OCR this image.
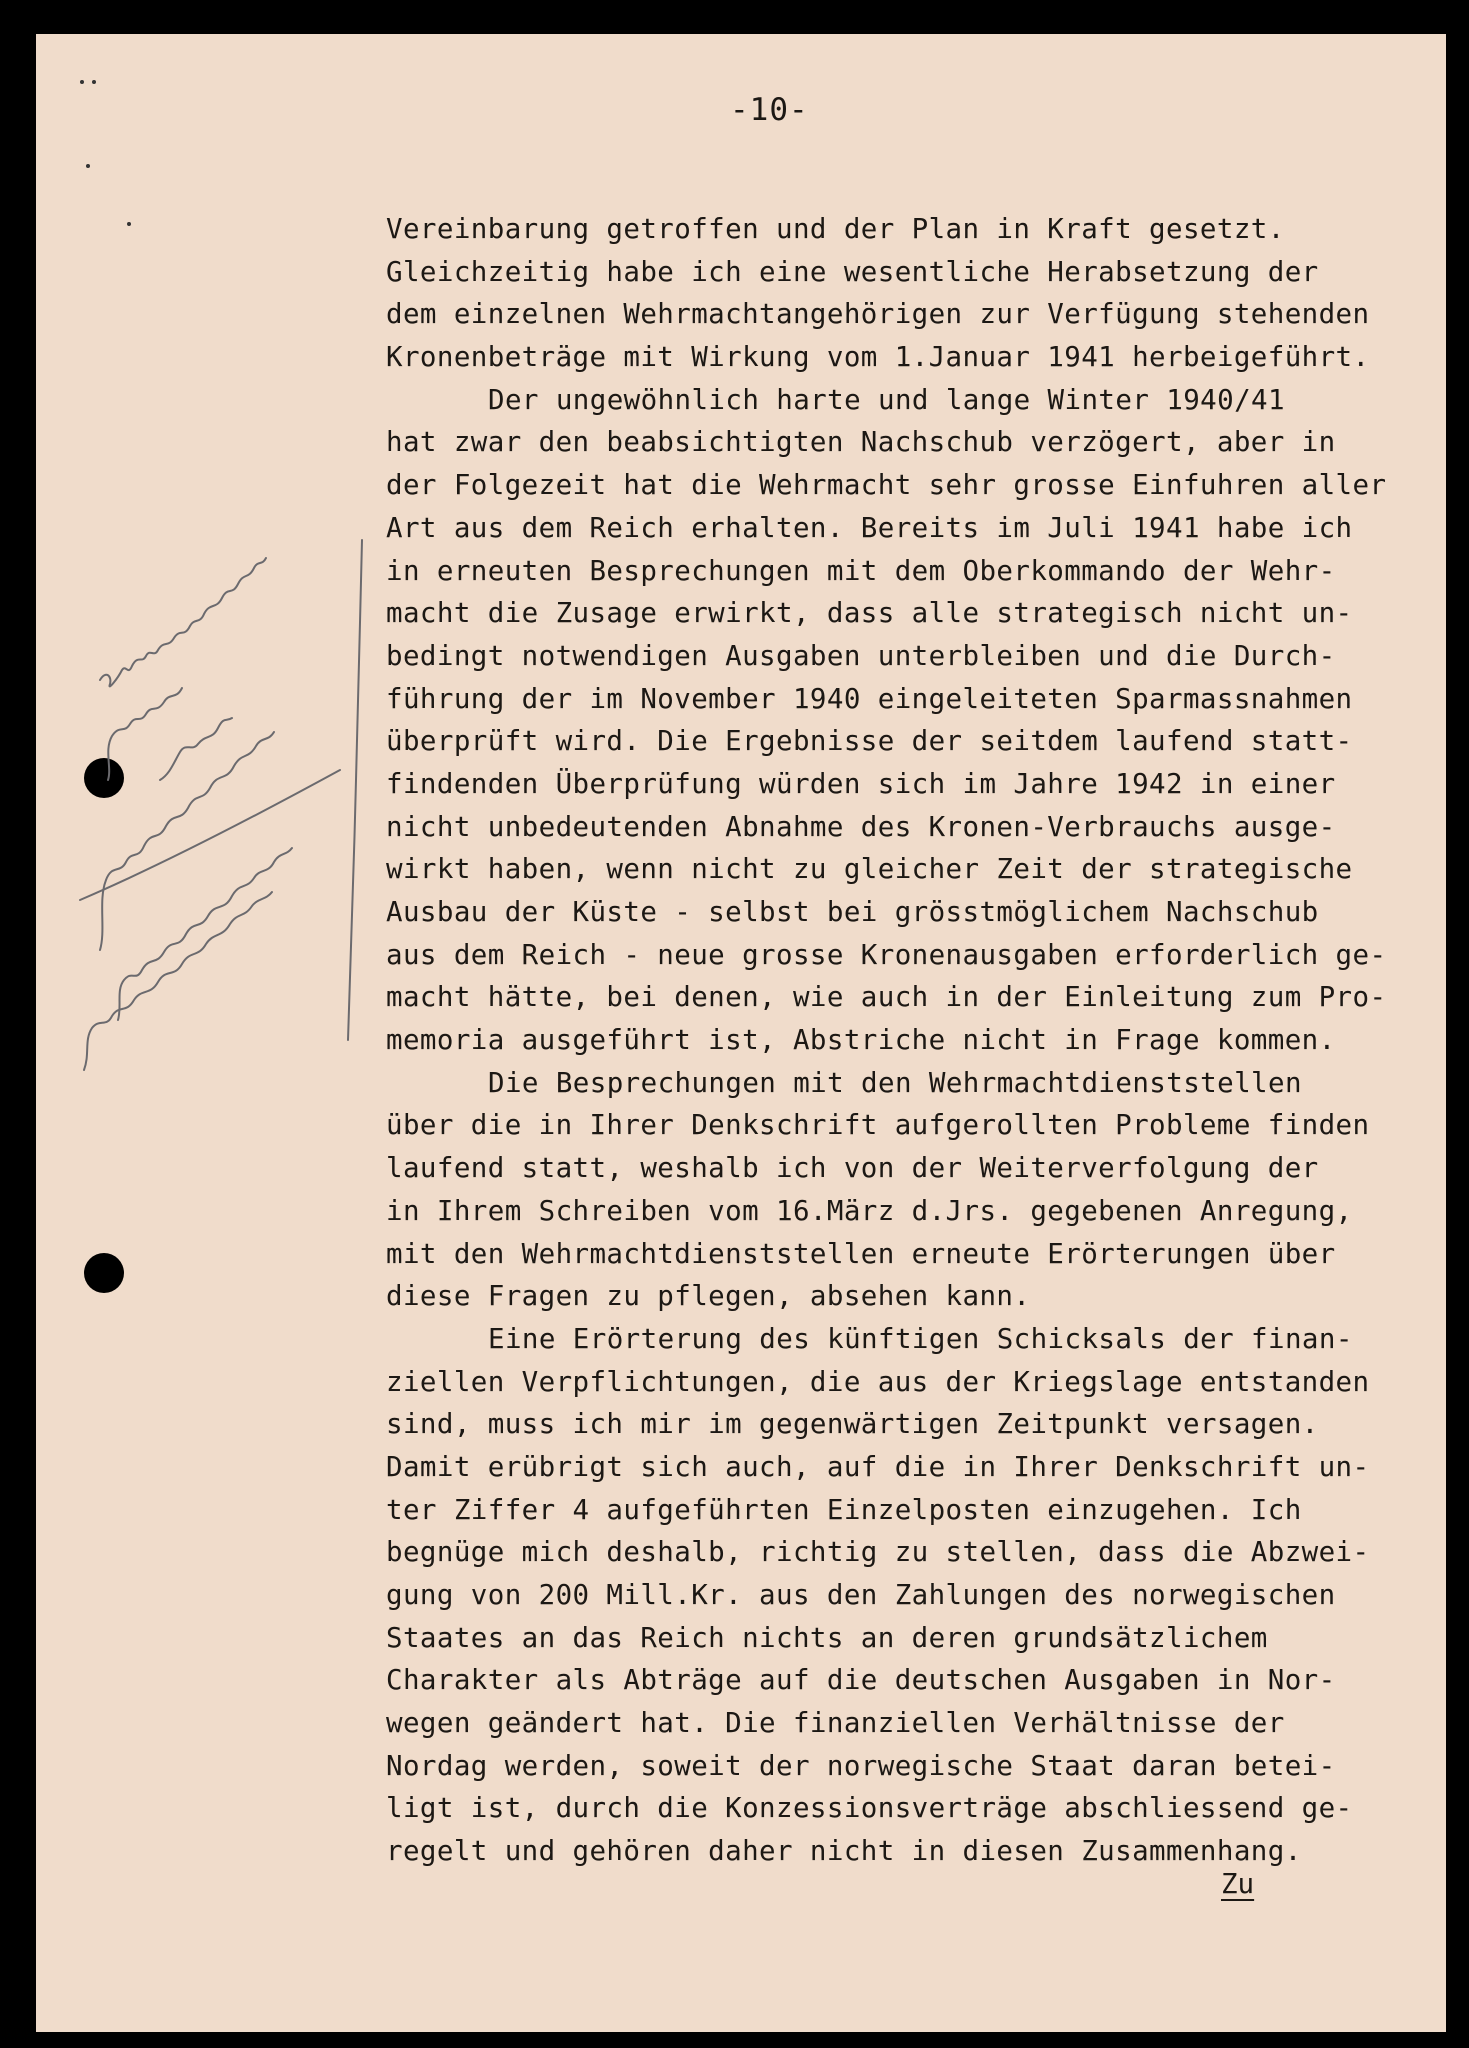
-10-
Vereinbarung getroffen und der Plan in Kraft gesetzt.
Gleichzeitig habe ich eine wesentliche Herabsetzung der
dem einzelnen Wehrmachtangehörigen zur Verfügung stehenden
Kronenbeträge mit Wirkung vom 1.Januar 1941 herbeigeführt.
Der ungewöhnlich harte und lange Winter 1940/41
hat zwar den beabsichtigten Nachschub verzögert, aber in
der Folgezeit hat die Wehrmacht sehr grosse Einfuhren aller
Art aus dem Reich erhalten. Bereits im Juli 1941 habe ich
in erneuten Besprechungen mit dem Oberkommando der Wehr-
macht die Zusage erwirkt, dass alle strategisch nicht un-
bedingt notwendigen Ausgaben unterbleiben und die Durch-
führung der im November 1940 eingeleiteten Sparmassnahmen
überprüft wird. Die Ergebnisse der seitdem laufend statt-
findenden Überprüfung würden sich im Jahre 1942 in einer
nicht unbedeutenden Abnahme des Kronen-Verbrauchs ausge-
wirkt haben, wenn nicht zu gleicher Zeit der strategische
Ausbau der Küste - selbst bei grösstmöglichem Nachschub
aus dem Reich - neue grosse Kronenausgaben erforderlich ge-
macht hätte, bei denen, wie auch in der Einleitung zum Pro-
memoria ausgeführt ist, Abstriche nicht in Frage kommen.
Die Besprechungen mit den Wehrmachtdienststellen
über die in Ihrer Denkschrift aufgerollten Probleme finden
laufend statt, weshalb ich von der Weiterverfolgung der
in Ihrem Schreiben vom 16.März d.Jrs. gegebenen Anregung,
mit den Wehrmachtdienststellen erneute Erörterungen über
diese Fragen zu pflegen, absehen kann.
Eine Erörterung des künftigen Schicksals der finan-
ziellen Verpflichtungen, die aus der Kriegslage entstanden
sind, muss ich mir im gegenwärtigen Zeitpunkt versagen.
Damit erübrigt sich auch, auf die in Ihrer Denkschrift un-
ter Ziffer 4 aufgeführten Einzelposten einzugehen. Ich
begnüge mich deshalb, richtig zu stellen, dass die Abzwei-
gung von 200 Mill.Kr. aus den Zahlungen des norwegischen
Staates an das Reich nichts an deren grundsätzlichem
Charakter als Abträge auf die deutschen Ausgaben in Nor-
wegen geändert hat. Die finanziellen Verhältnisse der
Nordag werden, soweit der norwegische Staat daran betei-
ligt ist, durch die Konzessionsverträge abschliessend ge-
regelt und gehören daher nicht in diesen Zusammenhang.
Zu
